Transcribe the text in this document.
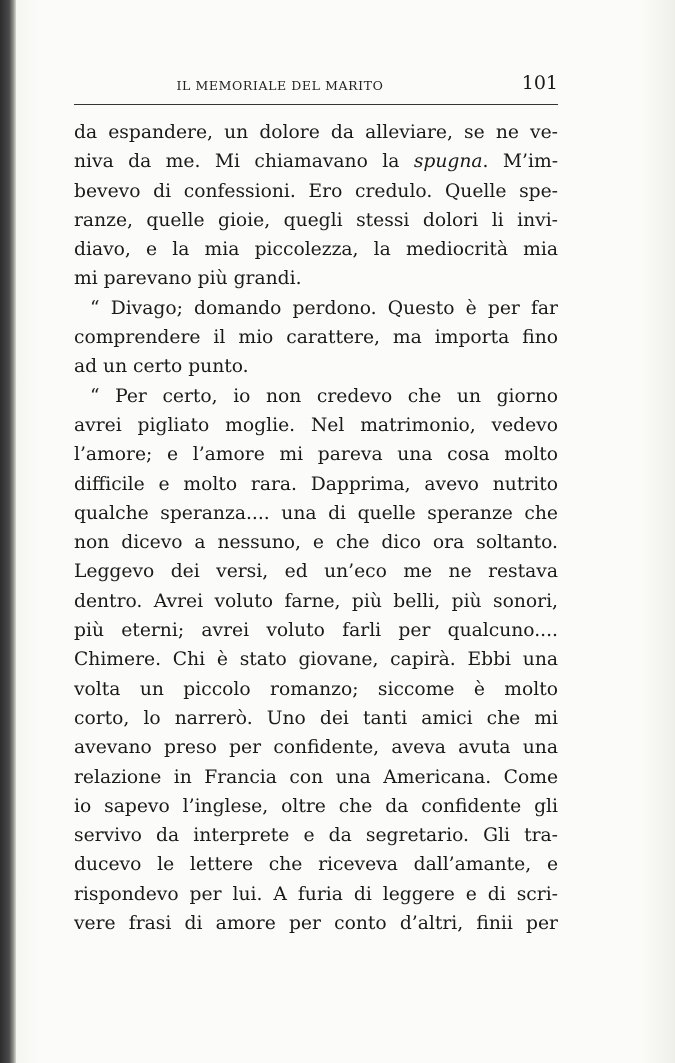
IL MEMORIALE DEL MARITO	101
da espandere, un dolore da alleviare, se ne ve-
niva da me. Mi chiamavano la spugna. M’im-
bevevo di confessioni. Ero credulo. Quelle spe-
ranze, quelle gioie, quegli stessi dolori li invi-
diavo, e la mia piccolezza, la mediocrità mia
mi parevano più grandi.
“ Divago; domando perdono. Questo è per far
comprendere il mio carattere, ma importa fino
ad un certo punto.
“ Per certo, io non credevo che un giorno
avrei pigliato moglie. Nel matrimonio, vedevo
l’amore; e l’amore mi pareva una cosa molto
difficile e molto rara. Dapprima, avevo nutrito
qualche speranza.... una di quelle speranze che
non dicevo a nessuno, e che dico ora soltanto.
Leggevo dei versi, ed un’eco me ne restava
dentro. Avrei voluto farne, più belli, più sonori,
più eterni; avrei voluto farli per qualcuno....
Chimere. Chi è stato giovane, capirà. Ebbi una
volta un piccolo romanzo; siccome è molto
corto, lo narrerò. Uno dei tanti amici che mi
avevano preso per confidente, aveva avuta una
relazione in Francia con una Americana. Come
io sapevo l’inglese, oltre che da confidente gli
servivo da interprete e da segretario. Gli tra-
ducevo le lettere che riceveva dall’amante, e
rispondevo per lui. A furia di leggere e di scri-
vere frasi di amore per conto d’altri, finii per
